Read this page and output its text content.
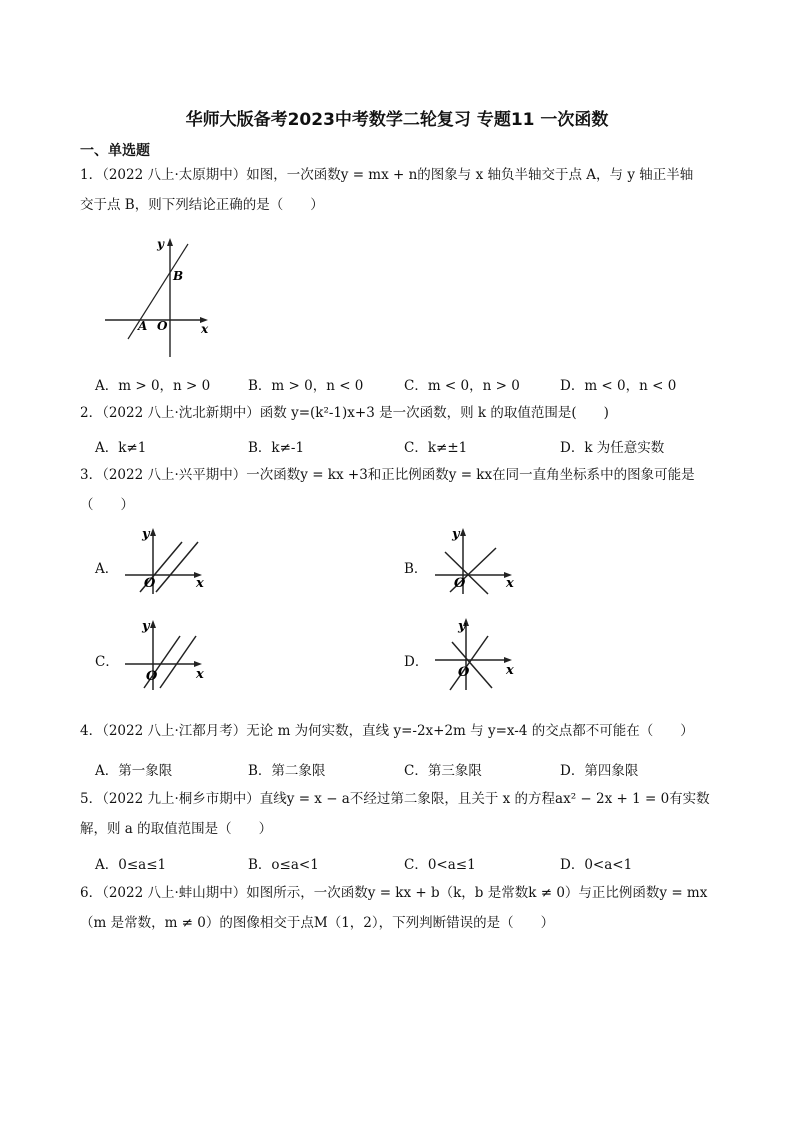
华师大版备考2023中考数学二轮复习 专题11 一次函数
一、单选题
1．（2022 八上·太原期中）如图，一次函数y = mx + n的图象与 x 轴负半轴交于点 A，与 y 轴正半轴
交于点 B，则下列结论正确的是（　　）
y
B
A O	x
A．m > 0，n > 0	B．m > 0，n < 0	C．m < 0，n > 0	D．m < 0，n < 0
2．（2022 八上·沈北新期中）函数 y=(k²-1)x+3 是一次函数，则 k 的取值范围是(　　)
A．k≠1	B．k≠-1	C．k≠±1	D．k 为任意实数
3．（2022 八上·兴平期中）一次函数y = kx +3和正比例函数y = kx在同一直角坐标系中的图象可能是
（　　）
A．
y
O	x
B．
y
O	x
C．
y
O	x
D．
y
O	x
4．（2022 八上·江都月考）无论 m 为何实数，直线 y=-2x+2m 与 y=x-4 的交点都不可能在（　　）
A．第一象限	B．第二象限	C．第三象限	D．第四象限
5．（2022 九上·桐乡市期中）直线y = x − a不经过第二象限，且关于 x 的方程ax² − 2x + 1 = 0有实数
解，则 a 的取值范围是（　　）
A．0≤a≤1	B．o≤a<1	C．0<a≤1	D．0<a<1
6．（2022 八上·蚌山期中）如图所示，一次函数y = kx + b（k，b 是常数k ≠ 0）与正比例函数y = mx
（m 是常数，m ≠ 0）的图像相交于点M（1，2），下列判断错误的是（　　）
